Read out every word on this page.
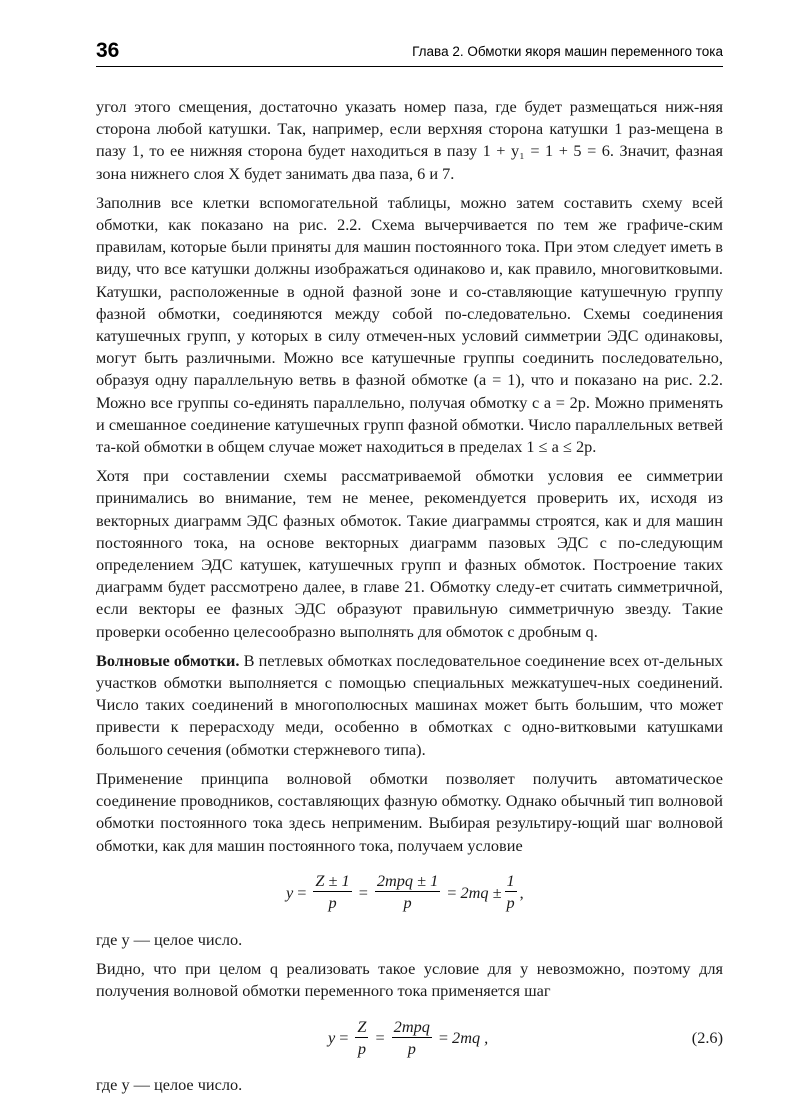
36	Глава 2. Обмотки якоря машин переменного тока

угол этого смещения, достаточно указать номер паза, где будет размещаться ниж-няя сторона любой катушки. Так, например, если верхняя сторона катушки 1 раз-мещена в пазу 1, то ее нижняя сторона будет находиться в пазу 1 + y₁ = 1 + 5 = 6. Значит, фазная зона нижнего слоя X будет занимать два паза, 6 и 7.

Заполнив все клетки вспомогательной таблицы, можно затем составить схему всей обмотки, как показано на рис. 2.2. Схема вычерчивается по тем же графиче-ским правилам, которые были приняты для машин постоянного тока. При этом следует иметь в виду, что все катушки должны изображаться одинаково и, как правило, многовитковыми. Катушки, расположенные в одной фазной зоне и со-ставляющие катушечную группу фазной обмотки, соединяются между собой по-следовательно. Схемы соединения катушечных групп, у которых в силу отмечен-ных условий симметрии ЭДС одинаковы, могут быть различными. Можно все катушечные группы соединить последовательно, образуя одну параллельную ветвь в фазной обмотке (a = 1), что и показано на рис. 2.2. Можно все группы со-единять параллельно, получая обмотку с a = 2p. Можно применять и смешанное соединение катушечных групп фазной обмотки. Число параллельных ветвей та-кой обмотки в общем случае может находиться в пределах 1 ≤ a ≤ 2p.

Хотя при составлении схемы рассматриваемой обмотки условия ее симметрии принимались во внимание, тем не менее, рекомендуется проверить их, исходя из векторных диаграмм ЭДС фазных обмоток. Такие диаграммы строятся, как и для машин постоянного тока, на основе векторных диаграмм пазовых ЭДС с по-следующим определением ЭДС катушек, катушечных групп и фазных обмоток. Построение таких диаграмм будет рассмотрено далее, в главе 21. Обмотку следу-ет считать симметричной, если векторы ее фазных ЭДС образуют правильную симметричную звезду. Такие проверки особенно целесообразно выполнять для обмоток с дробным q.

Волновые обмотки. В петлевых обмотках последовательное соединение всех от-дельных участков обмотки выполняется с помощью специальных межкатушеч-ных соединений. Число таких соединений в многополюсных машинах может быть большим, что может привести к перерасходу меди, особенно в обмотках с одно-витковыми катушками большого сечения (обмотки стержневого типа).

Применение принципа волновой обмотки позволяет получить автоматическое соединение проводников, составляющих фазную обмотку. Однако обычный тип волновой обмотки постоянного тока здесь неприменим. Выбирая результиру-ющий шаг волновой обмотки, как для машин постоянного тока, получаем условие

$y = \frac{Z \pm 1}{p} = \frac{\text{2mpq ± 1}}{p} = 2mq \pm \frac{1}{p}$ ,

где y — целое число.

Видно, что при целом q реализовать такое условие для y невозможно, поэтому для получения волновой обмотки переменного тока применяется шаг

$y = \frac{Z}{p} = \frac{\text{2mpq}}{p} = 2mq$ ,	(2.6)

где y — целое число.
